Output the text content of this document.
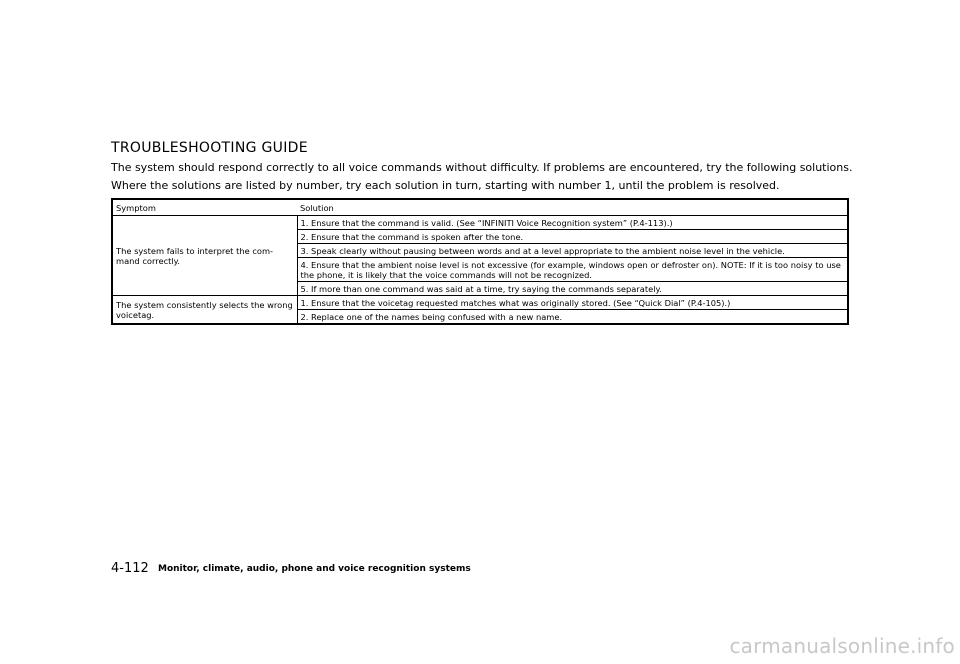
TROUBLESHOOTING GUIDE

The system should respond correctly to all voice commands without difficulty. If problems are encountered, try the following solutions.

Where the solutions are listed by number, try each solution in turn, starting with number 1, until the problem is resolved.

Symptom	Solution
The system fails to interpret the com-mand correctly.	1. Ensure that the command is valid. (See “INFINITI Voice Recognition system” (P.4-113).)
	2. Ensure that the command is spoken after the tone.
	3. Speak clearly without pausing between words and at a level appropriate to the ambient noise level in the vehicle.
	4. Ensure that the ambient noise level is not excessive (for example, windows open or defroster on). NOTE: If it is too noisy to use the phone, it is likely that the voice commands will not be recognized.
	5. If more than one command was said at a time, try saying the commands separately.
The system consistently selects the wrong voicetag.	1. Ensure that the voicetag requested matches what was originally stored. (See “Quick Dial” (P.4-105).)
	2. Replace one of the names being confused with a new name.
4-112 Monitor, climate, audio, phone and voice recognition systems
carmanualsonline.info
